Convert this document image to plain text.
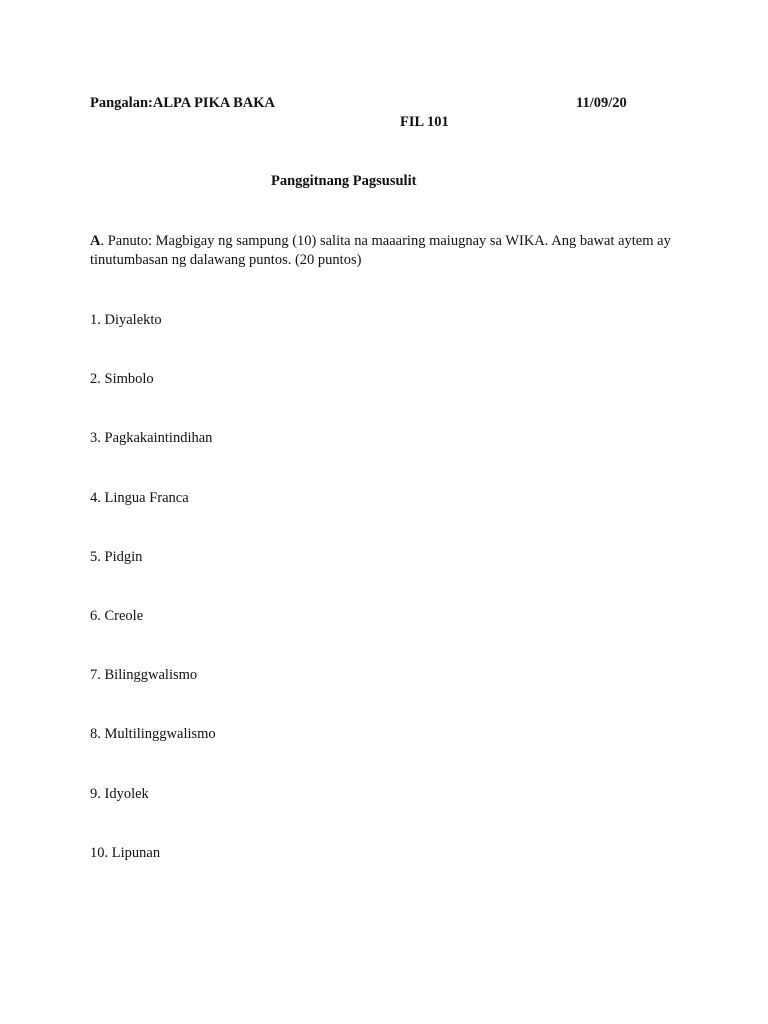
Pangalan:ALPA PIKA BAKA	11/09/20
FIL 101
Panggitnang Pagsusulit
A. Panuto: Magbigay ng sampung (10) salita na maaaring maiugnay sa WIKA. Ang bawat aytem ay tinutumbasan ng dalawang puntos. (20 puntos)
1. Diyalekto
2. Simbolo
3. Pagkakaintindihan
4. Lingua Franca
5. Pidgin
6. Creole
7. Bilinggwalismo
8. Multilinggwalismo
9. Idyolek
10. Lipunan
